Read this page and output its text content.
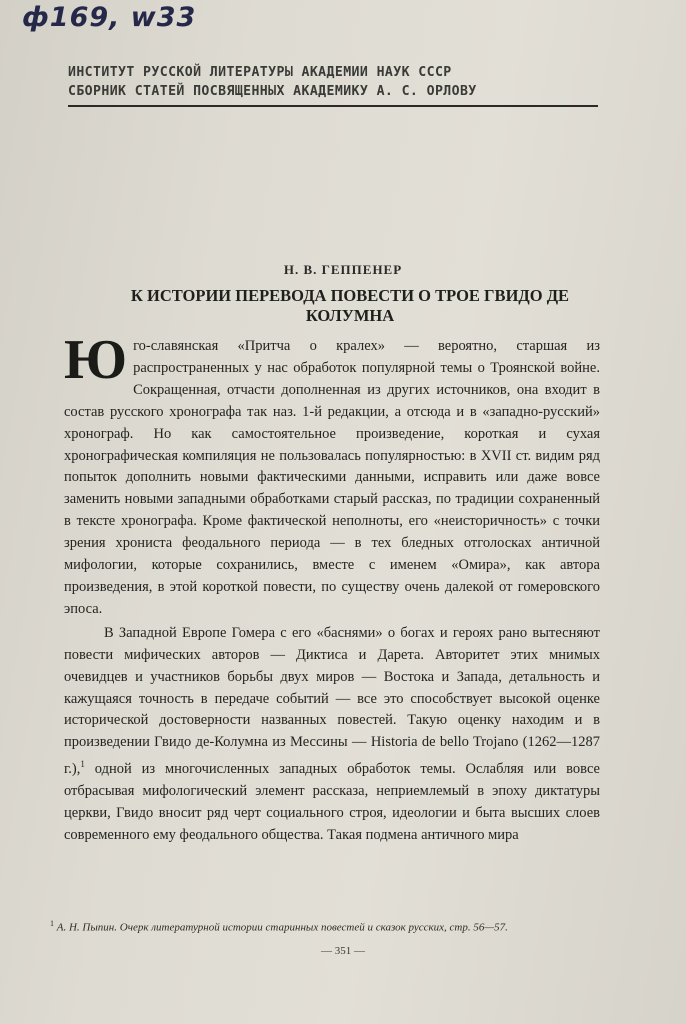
ф169, w33
ИНСТИТУТ РУССКОЙ ЛИТЕРАТУРЫ АКАДЕМИИ НАУК СССР
СБОРНИК СТАТЕЙ ПОСВЯЩЕННЫХ АКАДЕМИКУ А. С. ОРЛОВУ
Н. В. ГЕППЕНЕР
К ИСТОРИИ ПЕРЕВОДА ПОВЕСТИ О ТРОЕ ГВИДО ДЕ КОЛУМНА

Юго-славянская «Притча о кралех» — вероятно, старшая из распространенных у нас обработок популярной темы о Троянской войне. Сокращенная, отчасти дополненная из других источников, она входит в состав русского хронографа так наз. 1-й редакции, а отсюда и в «западно-русский» хронограф. Но как самостоятельное произведение, короткая и сухая хронографическая компиляция не пользовалась популярностью: в XVII ст. видим ряд попыток дополнить новыми фактическими данными, исправить или даже вовсе заменить новыми западными обработками старый рассказ, по традиции сохраненный в тексте хронографа. Кроме фактической неполноты, его «неисторичность» с точки зрения хрониста феодального периода — в тех бледных отголосках античной мифологии, которые сохранились, вместе с именем «Омира», как автора произведения, в этой короткой повести, по существу очень далекой от гомеровского эпоса.

В Западной Европе Гомера с его «баснями» о богах и героях рано вытесняют повести мифических авторов — Диктиса и Дарета. Авторитет этих мнимых очевидцев и участников борьбы двух миров — Востока и Запада, детальность и кажущаяся точность в передаче событий — все это способствует высокой оценке исторической достоверности названных повестей. Такую оценку находим и в произведении Гвидо де-Колумна из Мессины — Historia de bello Trojano (1262—1287 г.),$^1$ одной из многочисленных западных обработок темы. Ослабляя или вовсе отбрасывая мифологический элемент рассказа, неприемлемый в эпоху диктатуры церкви, Гвидо вносит ряд черт социального строя, идеологии и быта высших слоев современного ему феодального общества. Такая подмена античного мира

$^1$ А. Н. Пыпин. Очерк литературной истории старинных повестей и сказок русских, стр. 56—57.
— 351 —
